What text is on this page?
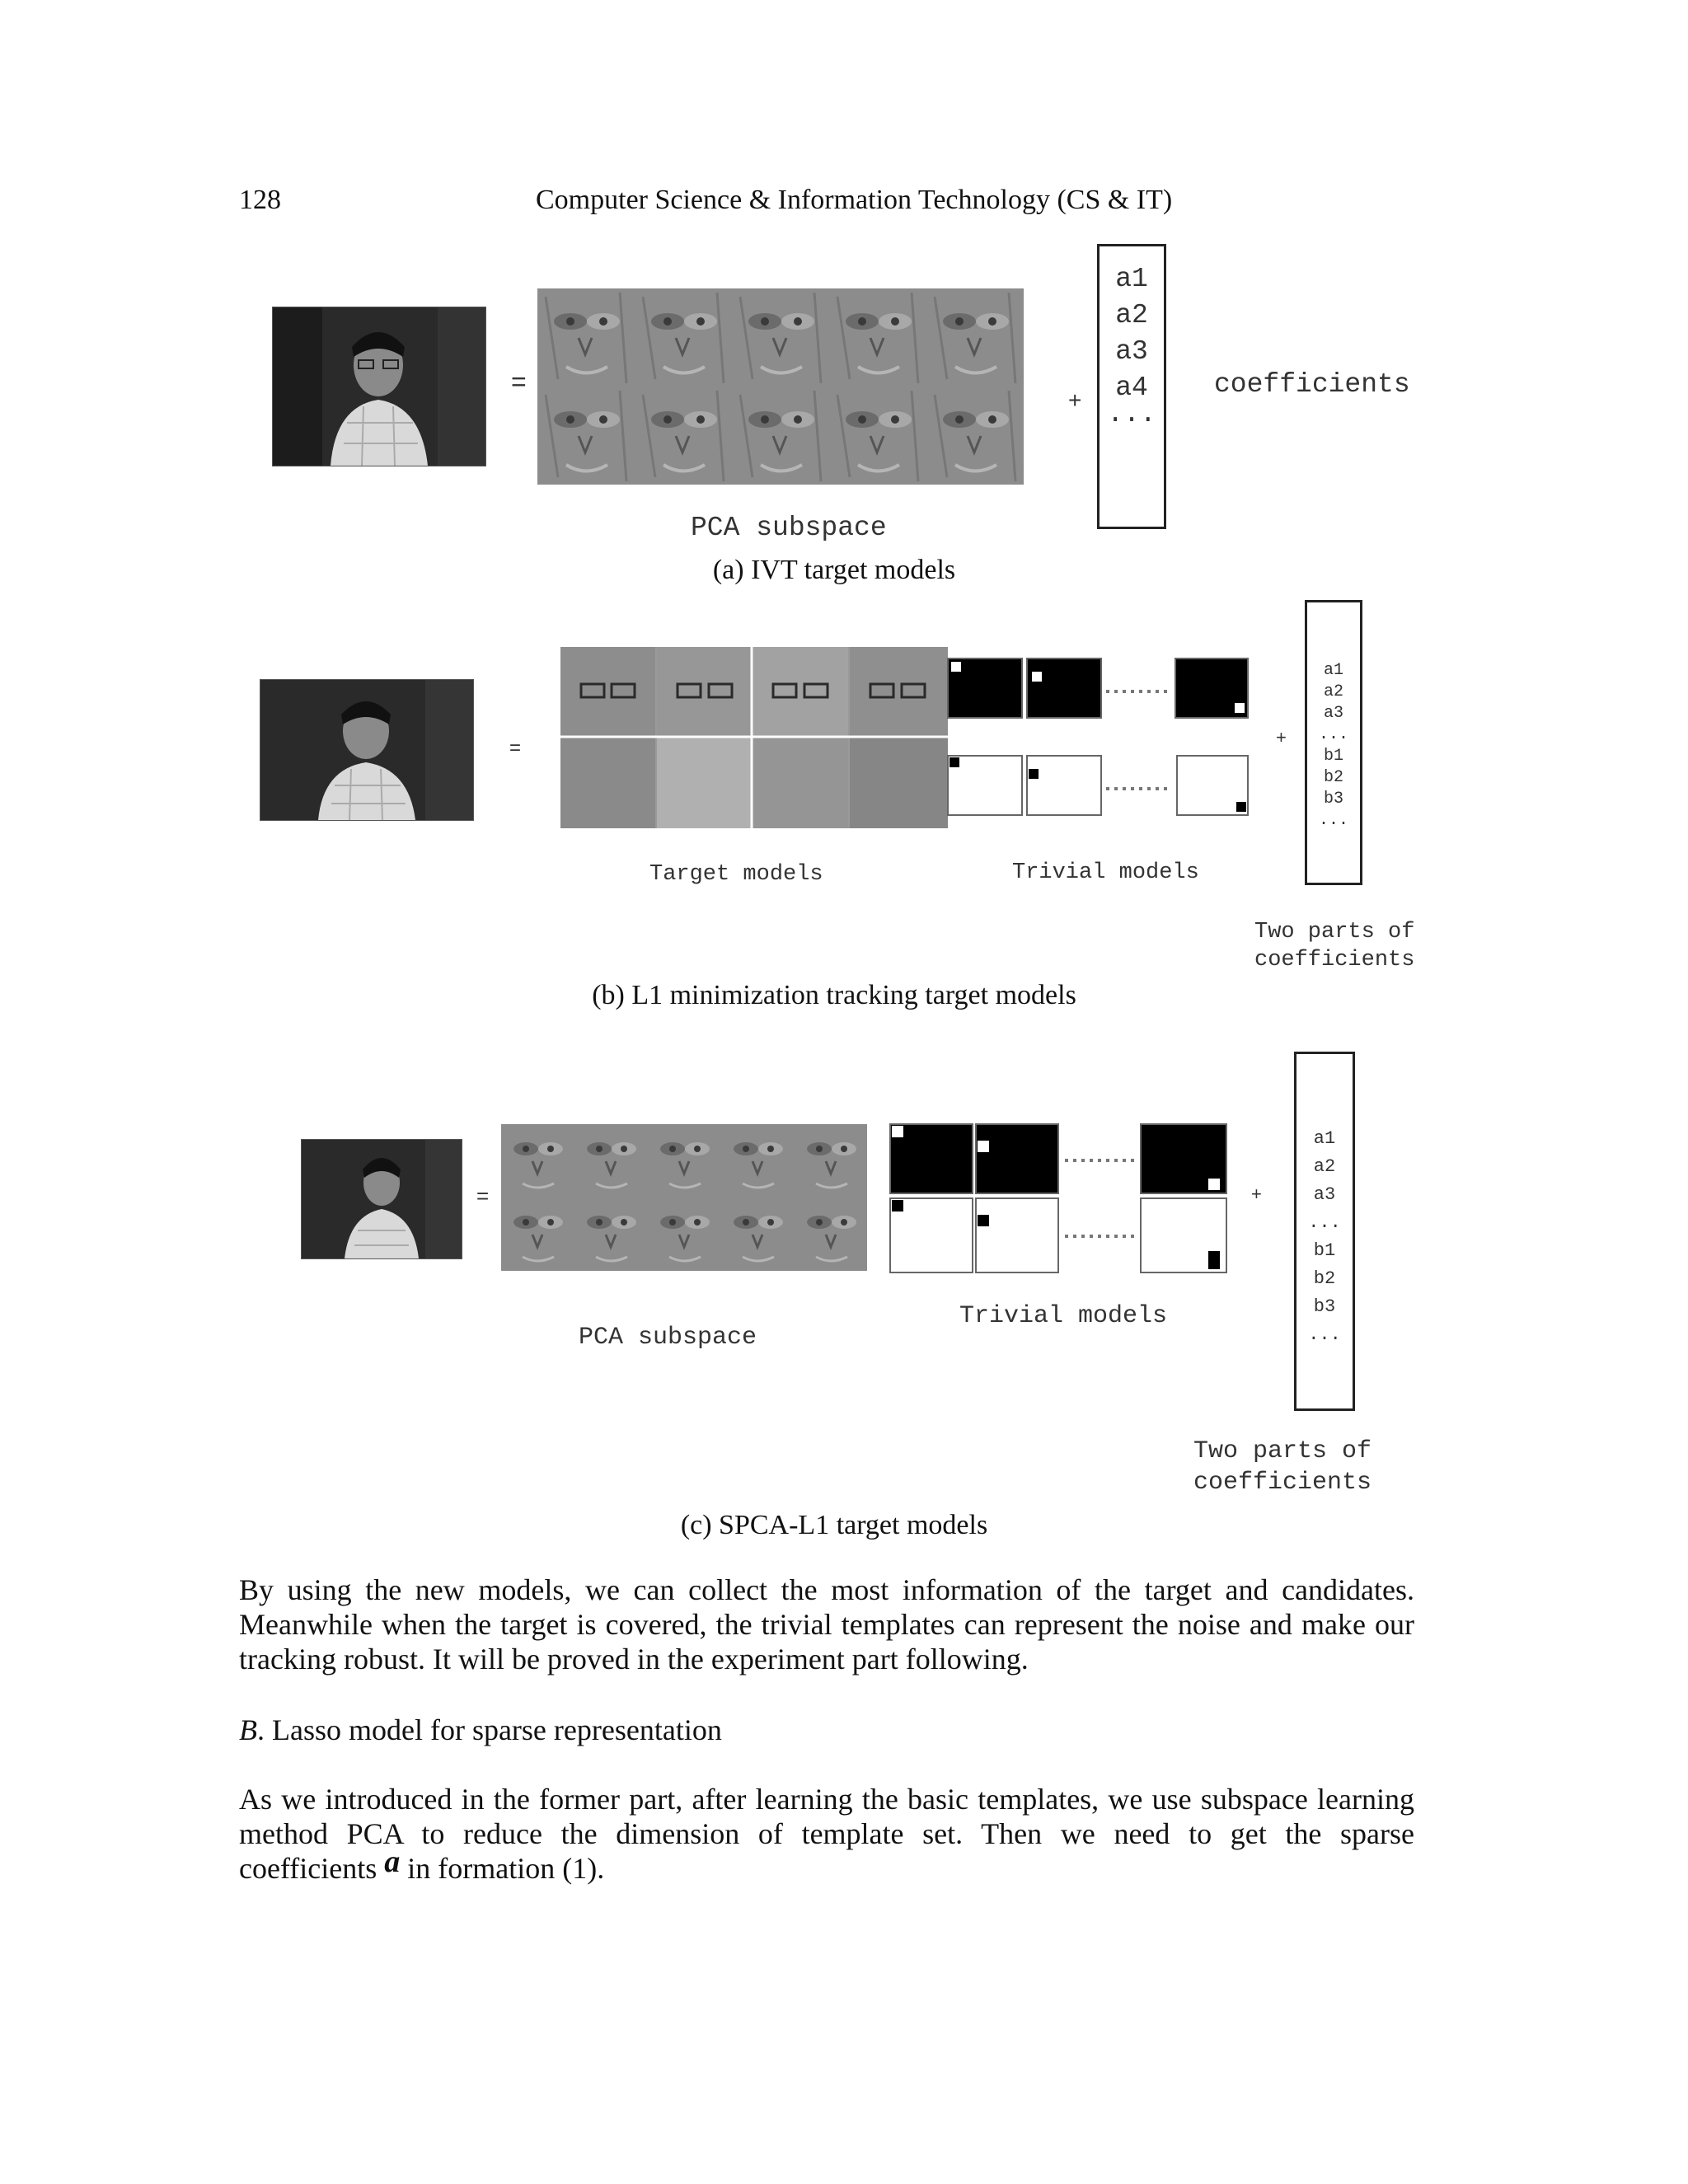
128	Computer Science & Information Technology (CS & IT)
=
+
a1
a2
a3
a4
...
coefficients
PCA subspace
(a) IVT target models
=	+
a1
a2
a3
...
b1
b2
b3
...
Target models	Trivial models
Two parts of
coefficients
(b) L1 minimization tracking target models
=	+
a1
a2
a3
...
b1
b2
b3
...
PCA subspace
Trivial models
Two parts of
coefficients
(c) SPCA-L1 target models
By using the new models, we can collect the most information of the target and candidates. Meanwhile when the target is covered, the trivial templates can represent the noise and make our tracking robust. It will be proved in the experiment part following.
B. Lasso model for sparse representation
As we introduced in the former part, after learning the basic templates, we use subspace learning method PCA to reduce the dimension of template set. Then we need to get the sparse
coefficients a in formation (1).
